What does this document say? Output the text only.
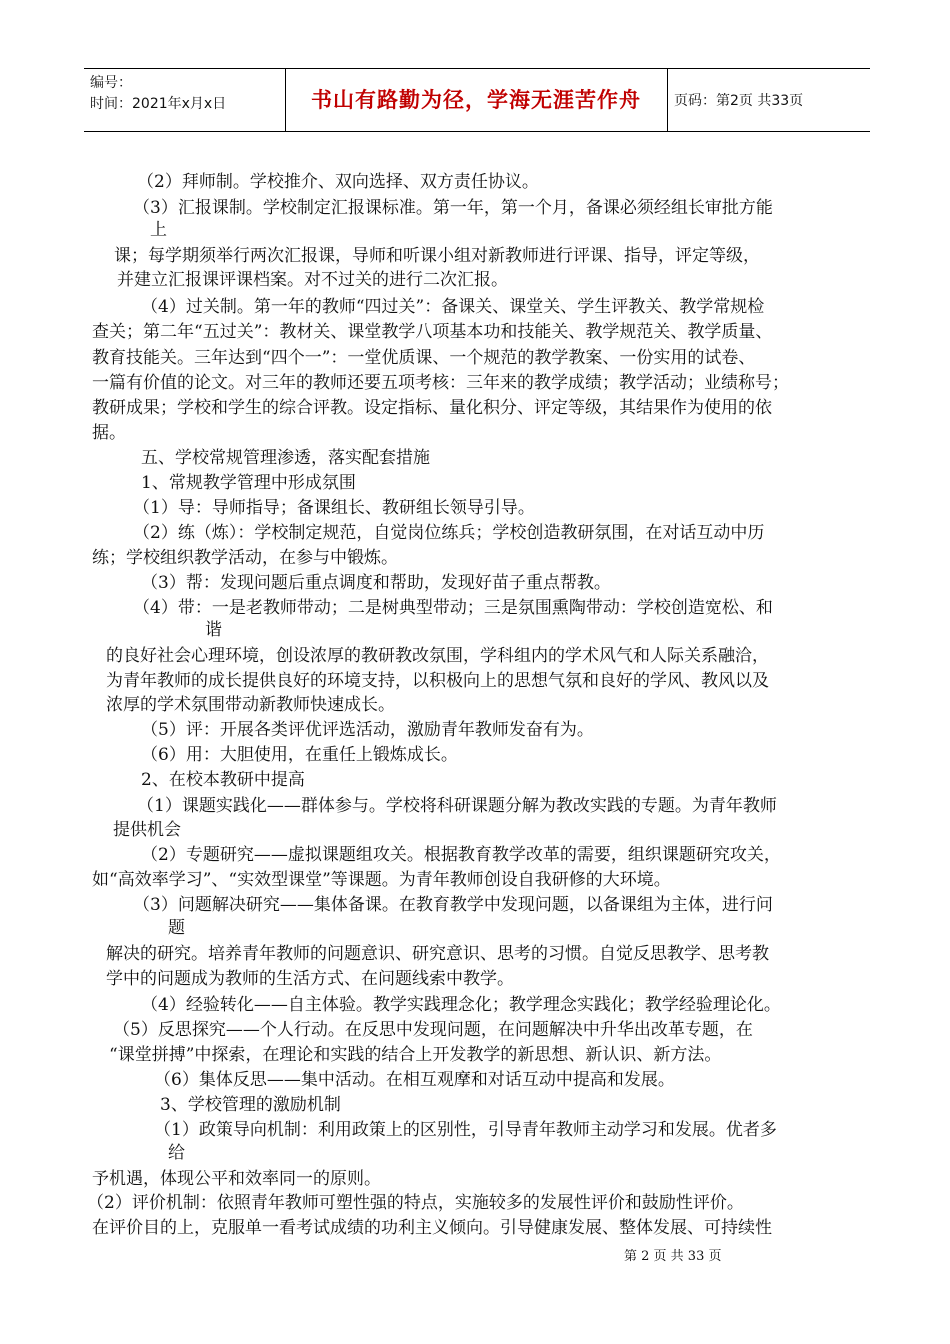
编号：
时间：2021年x月x日	书山有路勤为径，学海无涯苦作舟	页码：第2页 共33页
（2）拜师制。学校推介、双向选择、双方责任协议。
（3）汇报课制。学校制定汇报课标准。第一年，第一个月，备课必须经组长审批方能
上
课；每学期须举行两次汇报课，导师和听课小组对新教师进行评课、指导，评定等级，
并建立汇报课评课档案。对不过关的进行二次汇报。
（4）过关制。第一年的教师“四过关”：备课关、课堂关、学生评教关、教学常规检
查关；第二年“五过关”：教材关、课堂教学八项基本功和技能关、教学规范关、教学质量、
教育技能关。三年达到“四个一”：一堂优质课、一个规范的教学教案、一份实用的试卷、
一篇有价值的论文。对三年的教师还要五项考核：三年来的教学成绩；教学活动；业绩称号；
教研成果；学校和学生的综合评教。设定指标、量化积分、评定等级，其结果作为使用的依
据。
五、学校常规管理渗透，落实配套措施
1、常规教学管理中形成氛围
（1）导：导师指导；备课组长、教研组长领导引导。
（2）练（炼）：学校制定规范，自觉岗位练兵；学校创造教研氛围，在对话互动中历
练；学校组织教学活动，在参与中锻炼。
（3）帮：发现问题后重点调度和帮助，发现好苗子重点帮教。
（4）带：一是老教师带动；二是树典型带动；三是氛围熏陶带动：学校创造宽松、和
谐
的良好社会心理环境，创设浓厚的教研教改氛围，学科组内的学术风气和人际关系融洽，
为青年教师的成长提供良好的环境支持，以积极向上的思想气氛和良好的学风、教风以及
浓厚的学术氛围带动新教师快速成长。
（5）评：开展各类评优评选活动，激励青年教师发奋有为。
（6）用：大胆使用，在重任上锻炼成长。
2、在校本教研中提高
（1）课题实践化——群体参与。学校将科研课题分解为教改实践的专题。为青年教师
提供机会
（2）专题研究——虚拟课题组攻关。根据教育教学改革的需要，组织课题研究攻关，
如“高效率学习”、“实效型课堂”等课题。为青年教师创设自我研修的大环境。
（3）问题解决研究——集体备课。在教育教学中发现问题，以备课组为主体，进行问
题
解决的研究。培养青年教师的问题意识、研究意识、思考的习惯。自觉反思教学、思考教
学中的问题成为教师的生活方式、在问题线索中教学。
（4）经验转化——自主体验。教学实践理念化；教学理念实践化；教学经验理论化。
（5）反思探究——个人行动。在反思中发现问题，在问题解决中升华出改革专题，在
“课堂拼搏”中探索，在理论和实践的结合上开发教学的新思想、新认识、新方法。
（6）集体反思——集中活动。在相互观摩和对话互动中提高和发展。
3、学校管理的激励机制
（1）政策导向机制：利用政策上的区别性，引导青年教师主动学习和发展。优者多
给
予机遇，体现公平和效率同一的原则。
（2）评价机制：依照青年教师可塑性强的特点，实施较多的发展性评价和鼓励性评价。
在评价目的上，克服单一看考试成绩的功利主义倾向。引导健康发展、整体发展、可持续性
第 2 页 共 33 页
